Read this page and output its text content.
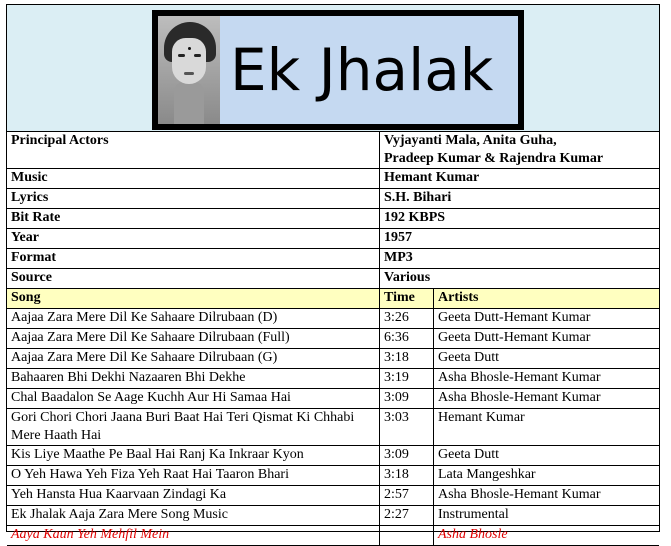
Ek Jhalak
Principal Actors	Vyjayanti Mala, Anita Guha,
Pradeep Kumar & Rajendra Kumar	

Music	Hemant Kumar	
Lyrics	S.H. Bihari	
Bit Rate	192 KBPS	
Year	1957	
Format	MP3	
Source	Various	
Song	Time	Artists
Aajaa Zara Mere Dil Ke Sahaare Dilrubaan (D)	3:26	Geeta Dutt-Hemant Kumar
Aajaa Zara Mere Dil Ke Sahaare Dilrubaan (Full)	6:36	Geeta Dutt-Hemant Kumar
Aajaa Zara Mere Dil Ke Sahaare Dilrubaan (G)	3:18	Geeta Dutt
Bahaaren Bhi Dekhi Nazaaren Bhi Dekhe	3:19	Asha Bhosle-Hemant Kumar
Chal Baadalon Se Aage Kuchh Aur Hi Samaa Hai	3:09	Asha Bhosle-Hemant Kumar
Gori Chori Chori Jaana Buri Baat Hai Teri Qismat Ki Chhabi Mere Haath Hai	3:03	Hemant Kumar
Kis Liye Maathe Pe Baal Hai Ranj Ka Inkraar Kyon	3:09	Geeta Dutt
O Yeh Hawa Yeh Fiza Yeh Raat Hai Taaron Bhari	3:18	Lata Mangeshkar
Yeh Hansta Hua Kaarvaan Zindagi Ka	2:57	Asha Bhosle-Hemant Kumar
Ek Jhalak Aaja Zara Mere Song Music	2:27	Instrumental
Aaya Kaun Yeh Mehfil Mein		Asha Bhosle
